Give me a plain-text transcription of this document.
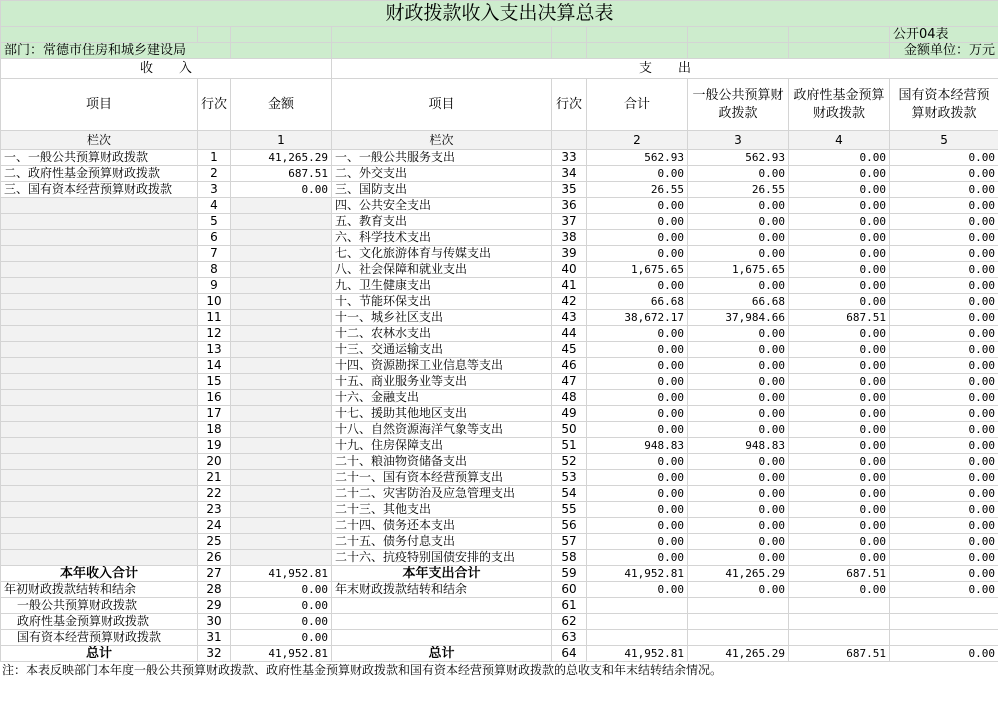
财政拨款收入支出决算总表								
								公开04表
部门：常德市住房和城乡建设局								金额单位：万元
收　　入			支　　出					
项目	行次	金额	项目	行次	合计	一般公共预算财政拨款	政府性基金预算财政拨款	国有资本经营预算财政拨款
栏次		1	栏次		2	3	4	5
一、一般公共预算财政拨款	1	41,265.29	一、一般公共服务支出	33	562.93	562.93	0.00	0.00
二、政府性基金预算财政拨款	2	687.51	二、外交支出	34	0.00	0.00	0.00	0.00
三、国有资本经营预算财政拨款	3	0.00	三、国防支出	35	26.55	26.55	0.00	0.00
	4		四、公共安全支出	36	0.00	0.00	0.00	0.00
	5		五、教育支出	37	0.00	0.00	0.00	0.00
	6		六、科学技术支出	38	0.00	0.00	0.00	0.00
	7		七、文化旅游体育与传媒支出	39	0.00	0.00	0.00	0.00
	8		八、社会保障和就业支出	40	1,675.65	1,675.65	0.00	0.00
	9		九、卫生健康支出	41	0.00	0.00	0.00	0.00
	10		十、节能环保支出	42	66.68	66.68	0.00	0.00
	11		十一、城乡社区支出	43	38,672.17	37,984.66	687.51	0.00
	12		十二、农林水支出	44	0.00	0.00	0.00	0.00
	13		十三、交通运输支出	45	0.00	0.00	0.00	0.00
	14		十四、资源勘探工业信息等支出	46	0.00	0.00	0.00	0.00
	15		十五、商业服务业等支出	47	0.00	0.00	0.00	0.00
	16		十六、金融支出	48	0.00	0.00	0.00	0.00
	17		十七、援助其他地区支出	49	0.00	0.00	0.00	0.00
	18		十八、自然资源海洋气象等支出	50	0.00	0.00	0.00	0.00
	19		十九、住房保障支出	51	948.83	948.83	0.00	0.00
	20		二十、粮油物资储备支出	52	0.00	0.00	0.00	0.00
	21		二十一、国有资本经营预算支出	53	0.00	0.00	0.00	0.00
	22		二十二、灾害防治及应急管理支出	54	0.00	0.00	0.00	0.00
	23		二十三、其他支出	55	0.00	0.00	0.00	0.00
	24		二十四、债务还本支出	56	0.00	0.00	0.00	0.00
	25		二十五、债务付息支出	57	0.00	0.00	0.00	0.00
	26		二十六、抗疫特别国债安排的支出	58	0.00	0.00	0.00	0.00
本年收入合计	27	41,952.81	本年支出合计	59	41,952.81	41,265.29	687.51	0.00
年初财政拨款结转和结余	28	0.00	年末财政拨款结转和结余	60	0.00	0.00	0.00	0.00
一般公共预算财政拨款	29	0.00		61				
政府性基金预算财政拨款	30	0.00		62				
国有资本经营预算财政拨款	31	0.00		63				
总计	32	41,952.81	总计	64	41,952.81	41,265.29	687.51	0.00
注：本表反映部门本年度一般公共预算财政拨款、政府性基金预算财政拨款和国有资本经营预算财政拨款的总收支和年末结转结余情况。
